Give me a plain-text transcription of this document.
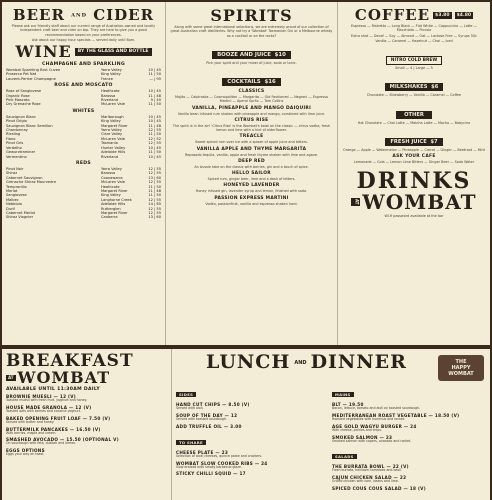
BEER AND CIDER
Please ask our friendly staff about our current range of Australian-owned and locally independent craft beer and cider on tap. They are here to give you a good recommendation based on your preferences.
Ask about our happy hour specials — served daily until 6pm.
WINE	BY THE GLASS AND BOTTLE
CHAMPAGNE AND SPARKLING
Wombat Sparkling Brut Cuvee	Yarra Valley	10 | 45
Prosecco Pet Nat	King Valley	11 | 50
Laurent-Perrier Champagne	France	— | 95
ROSE AND MOSCATO
Rose of Sangiovese	Heathcote	10 | 45
Organic Rose	Barossa	11 | 48
Pink Moscato	Riverland	9 | 40
Dry Grenache Rose	McLaren Vale	11 | 50
WHITES
Sauvignon Blanc	Marlborough	10 | 45
Pinot Grigio	King Valley	10 | 45
Sauvignon Blanc Semillon	Margaret River	11 | 48
Chardonnay	Yarra Valley	12 | 55
Riesling	Clare Valley	11 | 50
Fiano	McLaren Vale	12 | 52
Pinot Gris	Tasmania	12 | 55
Verdelho	Hunter Valley	10 | 45
Gewurztraminer	Adelaide Hills	11 | 50
Vermentino	Riverland	10 | 45
REDS
Pinot Noir	Yarra Valley	12 | 55
Shiraz	Barossa	12 | 55
Cabernet Sauvignon	Coonawarra	13 | 60
Grenache Shiraz Mourvedre	McLaren Vale	12 | 55
Tempranillo	Heathcote	11 | 50
Merlot	Margaret River	11 | 48
Sangiovese	King Valley	11 | 50
Malbec	Langhorne Creek	12 | 55
Nebbiolo	Adelaide Hills	14 | 65
Durif	Rutherglen	12 | 55
Cabernet Merlot	Margaret River	12 | 55
Shiraz Viognier	Canberra	13 | 60
SPIRITS
Along with some great international selections, we are extremely proud of our collection of great Australian craft distilleries. Why not try a 'Wombat' Tasmanian Gin or a Melbourne whisky as a cocktail or on the rocks?
BOOZE AND JUICE $10
Pick your spirit and your mixer of juice, soda or tonic.
COCKTAILS $16
CLASSICS
Mojito — Caipiroska — Cosmopolitan — Margarita — Old Fashioned — Negroni — Espresso Martini — Aperol Spritz — Tom Collins
VANILLA, PINEAPPLE AND MANGO DAIQUIRI
Vanilla bean infused rum shaken with pineapple and mango, combined with lime juice.
CITRUS RISE
The spirit is in the air! 'Citrus Rise' is the Wombat's twist on the classic — citrus vodka, fresh lemon and lime with a hint of elderflower.
TREACLE
Sweet spiced rum over ice with a splash of apple juice and bitters.
VANILLA APPLE AND THYME MARGARITA
Reposado tequila, vanilla, apple and fresh thyme shaken with lime and agave.
DEEP RED
An Aussie take on the classic with berries, gin and a touch of spice.
HELLO SAILOR
Spiced rum, ginger beer, lime and a dash of bitters.
HONEYED LAVENDER
Honey infused gin, lavender syrup and lemon, finished with soda.
PASSION EXPRESS MARTINI
Vodka, passionfruit, vanilla and espresso shaken hard.
COFFEE	$3.80	$4.80
Espresso — Ristretto — Long Black — Flat White — Cappuccino — Latte — Macchiato — Piccolo
Extra shot — Decaf — Soy — Almond — Oat — Lactose Free — Syrups 50c
Vanilla — Caramel — Hazelnut — Chai — Iced
NITRO COLD BREW
Small — 4 | Large — 5
MILKSHAKES $6
Chocolate — Strawberry — Vanilla — Caramel — Coffee
OTHER
Hot Chocolate — Chai Latte — Matcha Latte — Mocha — Babycino
FRESH JUICE $7
Orange — Apple — Watermelon — Pineapple — Carrot — Ginger — Beetroot — Mint
ASK YOUR CAFE
Lemonade — Cola — Lemon Lime Bitters — Ginger Beer — Soda Water
DRINKS
AT WOMBAT
Wi-fi password available at the bar
BREAKFAST
AT WOMBAT
AVAILABLE UNTIL 11:30AM DAILY
BROWNIE MUESLI — 12 (V)
Toasted muesli with fresh fruit, yoghurt and honey.
HOUSE MADE GRANOLA — 12 (V)
Toasted oats with berries and coconut yoghurt.
BAKED OPENING FRUIT LOAF — 7.50 (V)
Served with butter and honey.
BUTTERMILK PANCAKES — 16.50 (V)
With berries, maple and cream.
SMASHED AVOCADO — 15.50 (OPTIONAL V)
On sourdough with feta, dukkah and lemon.
EGGS OPTIONS
Eggs your way on toast.
LUNCH AND DINNER	THE
HAPPY
WOMBAT
SIDES
HAND CUT CHIPS — 8.50 (V)
Served with aioli.
SOUP OF THE DAY — 12
Served with toasted sourdough.
ADD TRUFFLE OIL — 3.00
TO SHARE
CHEESE PLATE — 23
Selection of local cheeses, quince paste and crackers.
WOMBAT SLOW COOKED RIBS — 24
Slow braised with smoky barbecue glaze.
STICKY CHILLI SQUID — 17
MAINS
BLT — 19.50
Bacon, lettuce, tomato and aioli on toasted sourdough.
MEDITERRANEAN ROAST VEGETABLE — 18.50 (V)
Roasted vegetables with hummus and rocket.
AGE GOLD WAGYU BURGER — 24
With cheese, pickles and chips.
SMOKED SALMON — 23
Smoked salmon with capers, avocado and rocket.
SALADS
THE BURRATA BOWL — 22 (V)
Fresh burrata, heirloom tomatoes and basil.
CAJUN CHICKEN SALAD — 22
Grilled chicken with corn, beans and lime.
SPICED COUS COUS SALAD — 18 (V)
